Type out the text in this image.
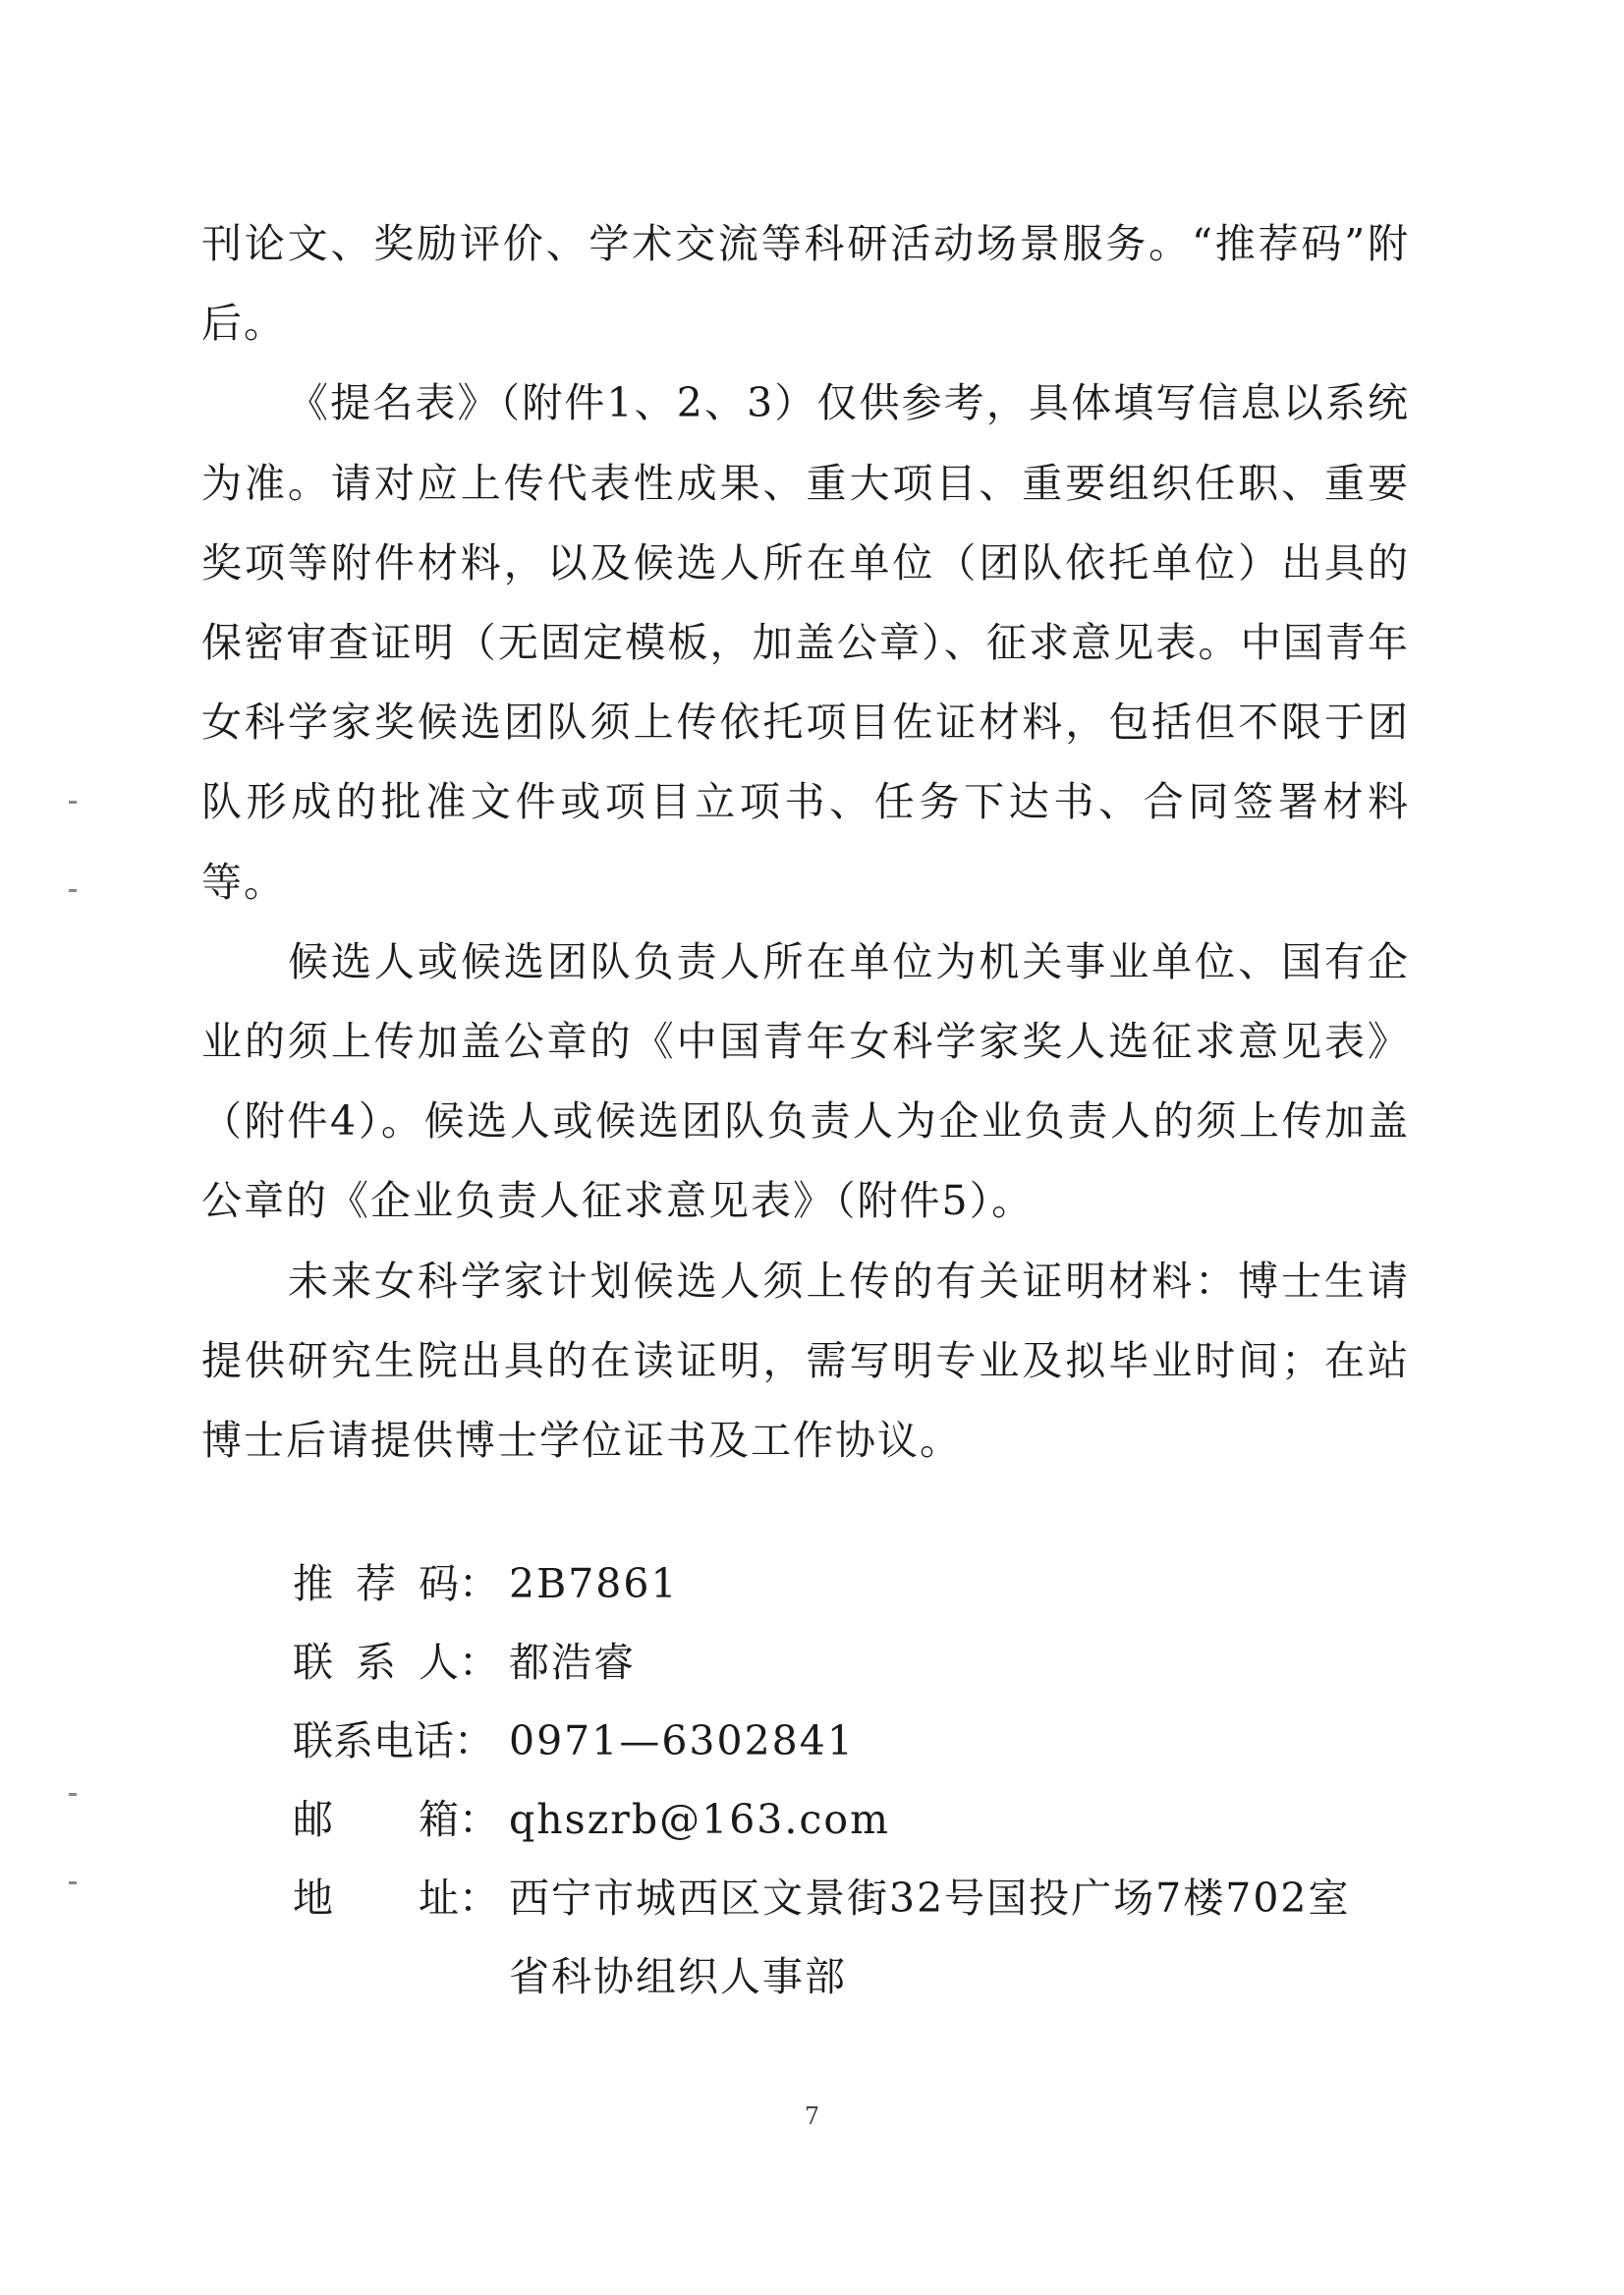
刊论文、奖励评价、学术交流等科研活动场景服务。“推荐码”附后。

《提名表》（附件1、2、3）仅供参考，具体填写信息以系统为准。请对应上传代表性成果、重大项目、重要组织任职、重要奖项等附件材料，以及候选人所在单位（团队依托单位）出具的保密审查证明（无固定模板，加盖公章）、征求意见表。中国青年女科学家奖候选团队须上传依托项目佐证材料，包括但不限于团队形成的批准文件或项目立项书、任务下达书、合同签署材料等。

候选人或候选团队负责人所在单位为机关事业单位、国有企业的须上传加盖公章的《中国青年女科学家奖人选征求意见表》（附件4）。候选人或候选团队负责人为企业负责人的须上传加盖公章的《企业负责人征求意见表》（附件5）。

未来女科学家计划候选人须上传的有关证明材料：博士生请提供研究生院出具的在读证明，需写明专业及拟毕业时间；在站博士后请提供博士学位证书及工作协议。

推 荐 码： 2B7861
联 系 人： 都浩睿
联系电话： 0971—6302841
邮 箱： qhszrb@163.com
地 址： 西宁市城西区文景街32号国投广场7楼702室
省科协组织人事部
7
